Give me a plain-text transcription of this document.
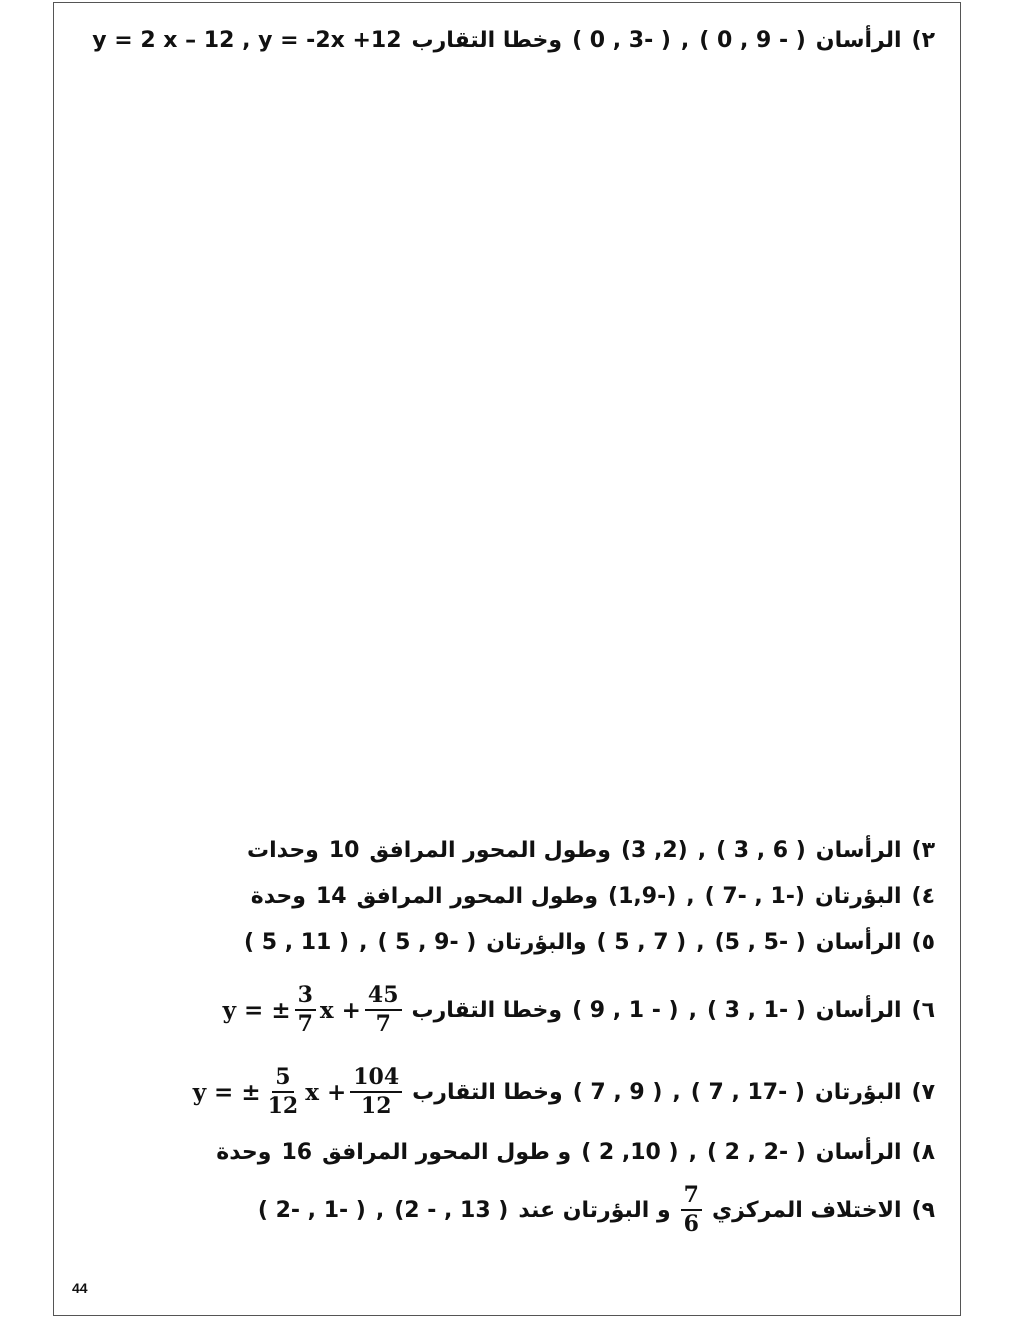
٢)
الرأسان
( 0 , 9 - )
,
( 0 , 3- )
وخطا التقارب
y = 2 x – 12 , y = -2x +12
٣)
الرأسان
( 3 , 6 )
,
(3 ,2)
وطول المحور المرافق
10
وحدات
٤)
البؤرتان
( 7- , 1-)
,
(1,9-)
وطول المحور المرافق
14
وحدة
٥)
الرأسان
(5 , 5- )
,
( 5 , 7 )
والبؤرتان
( 5 , 9- )
,
( 5 , 11 )
٦)
الرأسان
( 3 , 1- )
,
( 9 , 1 - )
وخطا التقارب
y = ± $\frac{3}{7}$ $x + \frac{45}{7}$
٧)
البؤرتان
( 7 , 17- )
,
( 7 , 9 )
وخطا التقارب
y = ± $\frac{5}{12}$ $x + \frac{104}{12}$
٨)
الرأسان
( 2 , 2- )
,
( 2 ,10 )
و طول المحور المرافق
16
وحدة
٩)
الاختلاف المركزي
$\frac{7}{6}$
و البؤرتان عند
(2 - , 13 )
,
( 2- , 1- )
44
